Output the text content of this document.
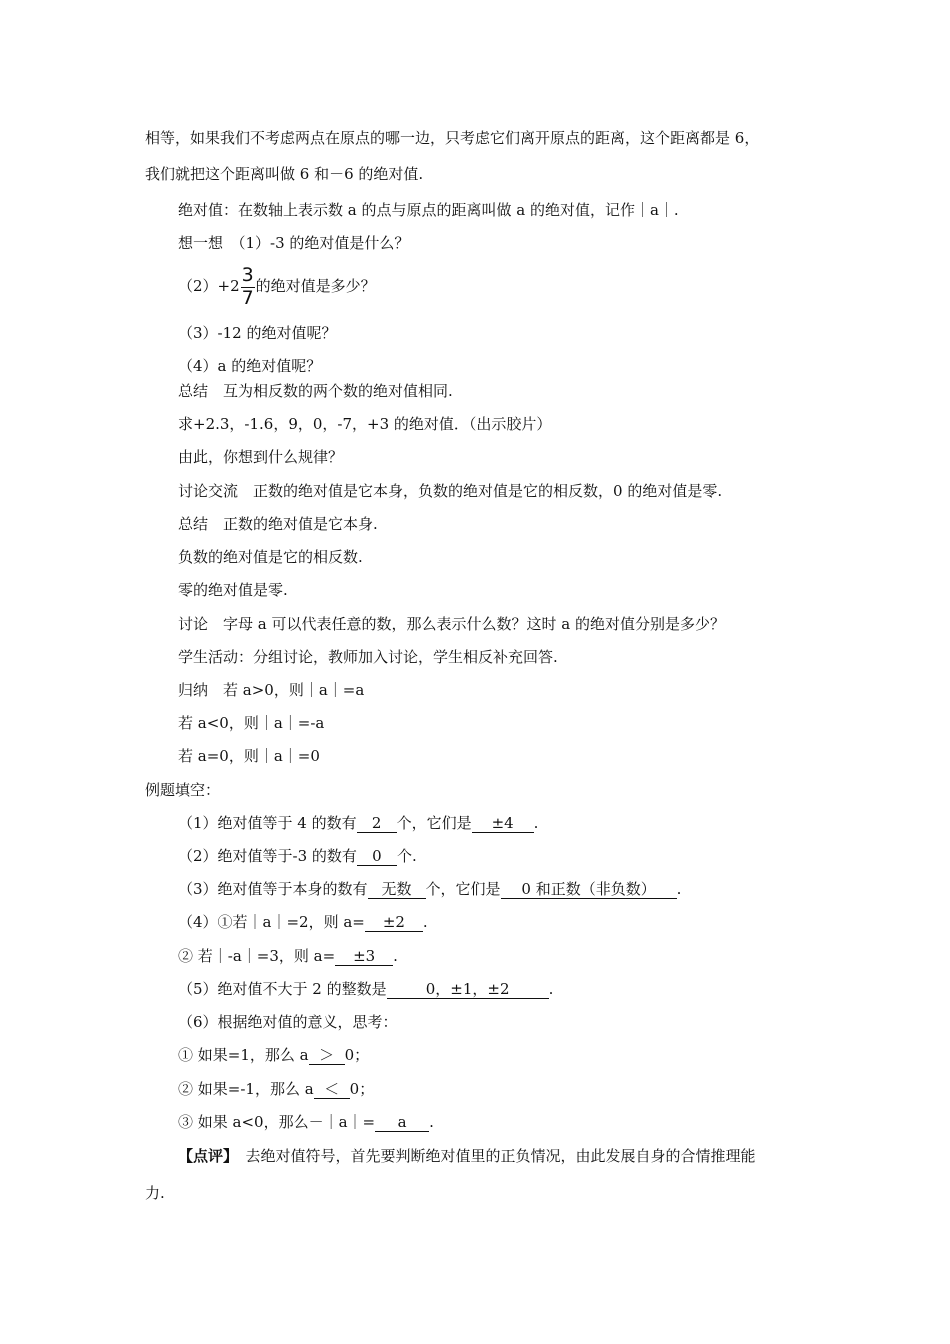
相等，如果我们不考虑两点在原点的哪一边，只考虑它们离开原点的距离，这个距离都是 6，
我们就把这个距离叫做 6 和－6 的绝对值.
绝对值：在数轴上表示数 a 的点与原点的距离叫做 a 的绝对值，记作｜a｜.
想一想　（1）-3 的绝对值是什么？
$(2)+2 \frac{3}{7}$ 的绝对值是多少？
（3）-12 的绝对值呢？
（4）a 的绝对值呢？
总结　互为相反数的两个数的绝对值相同.
求+2.3，-1.6，9，0，-7，+3 的绝对值．（出示胶片）
由此，你想到什么规律？
讨论交流　正数的绝对值是它本身，负数的绝对值是它的相反数，0 的绝对值是零.
总结　正数的绝对值是它本身.
负数的绝对值是它的相反数.
零的绝对值是零.
讨论　字母 a 可以代表任意的数，那么表示什么数？这时 a 的绝对值分别是多少？
学生活动：分组讨论，教师加入讨论，学生相反补充回答.
归纳　若 a>0，则｜a｜=a
若 a<0，则｜a｜=-a
若 a=0，则｜a｜=0
例题填空：
（1）绝对值等于 4 的数有 2 个，它们是 ±4 .
（2）绝对值等于-3 的数有 0 个.
（3）绝对值等于本身的数有 无数 个，它们是 0 和正数（非负数） .
（4）①若｜a｜=2，则 a= ±2 .
② 若｜-a｜=3，则 a= ±3 .
（5）绝对值不大于 2 的整数是	0，±1，±2	.
（6）根据绝对值的意义，思考：
① 如果=1，那么 a ＞ 0；
② 如果=-1，那么 a ＜ 0；
③ 如果 a<0，那么－｜a｜= a .
【点评】　去绝对值符号，首先要判断绝对值里的正负情况，由此发展自身的合情推理能
力.
